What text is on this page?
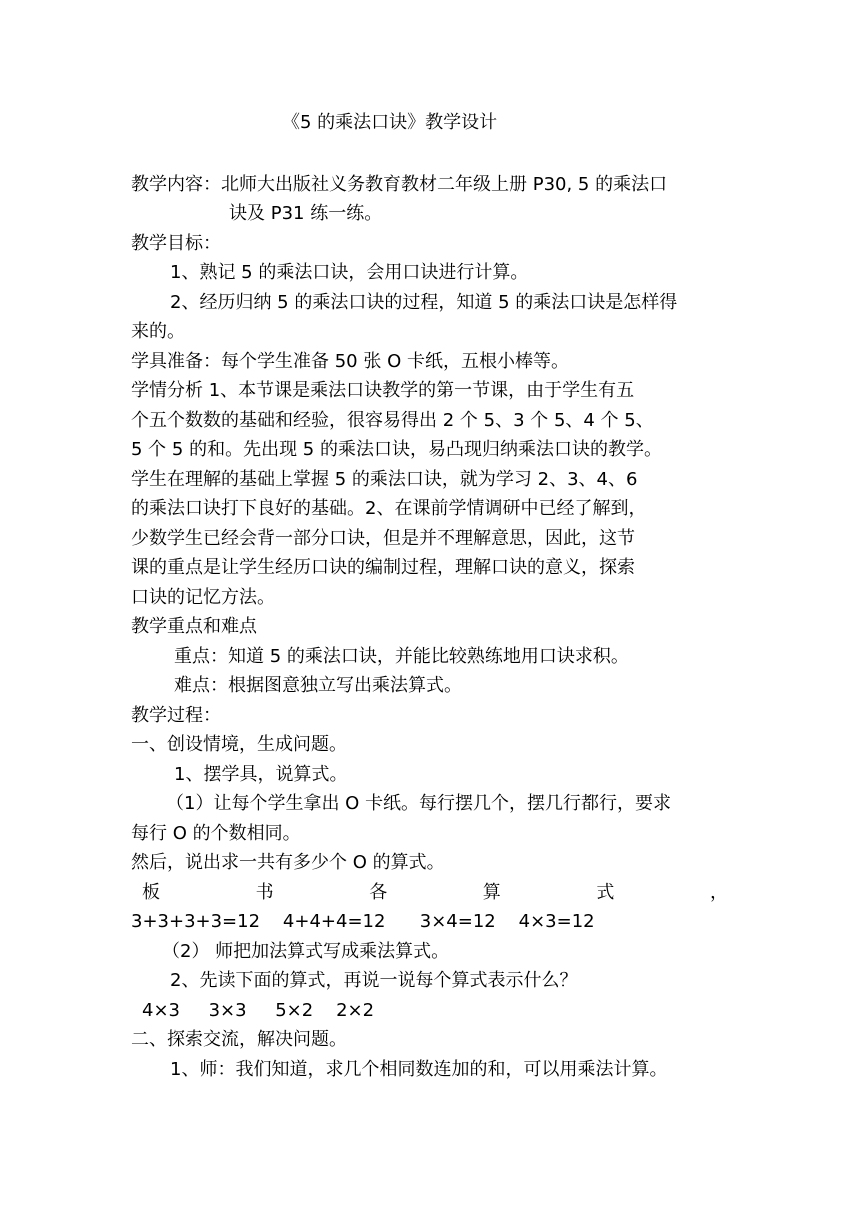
《5 的乘法口诀》教学设计
教学内容：北师大出版社义务教育教材二年级上册 P30, 5 的乘法口
诀及 P31 练一练。
教学目标：
1、熟记 5 的乘法口诀，会用口诀进行计算。
2、经历归纳 5 的乘法口诀的过程，知道 5 的乘法口诀是怎样得
来的。
学具准备：每个学生准备 50 张 O 卡纸，五根小棒等。
学情分析 1、本节课是乘法口诀教学的第一节课，由于学生有五
个五个数数的基础和经验，很容易得出 2 个 5、3 个 5、4 个 5、
5 个 5 的和。先出现 5 的乘法口诀，易凸现归纳乘法口诀的教学。
学生在理解的基础上掌握 5 的乘法口诀，就为学习 2、3、4、6
的乘法口诀打下良好的基础。2、在课前学情调研中已经了解到，
少数学生已经会背一部分口诀，但是并不理解意思，因此，这节
课的重点是让学生经历口诀的编制过程，理解口诀的意义，探索
口诀的记忆方法。
教学重点和难点
重点：知道 5 的乘法口诀，并能比较熟练地用口诀求积。
难点：根据图意独立写出乘法算式。
教学过程：
一、创设情境，生成问题。
1、摆学具，说算式。
（1）让每个学生拿出 O 卡纸。每行摆几个，摆几行都行，要求
每行 O 的个数相同。
然后，说出求一共有多少个 O 的算式。
板	书	各	算	式	，
3+3+3+3=12    4+4+4=12      3×4=12    4×3=12
（2） 师把加法算式写成乘法算式。
2、先读下面的算式，再说一说每个算式表示什么？
4×3     3×3     5×2    2×2
二、探索交流，解决问题。
1、师：我们知道，求几个相同数连加的和，可以用乘法计算。
